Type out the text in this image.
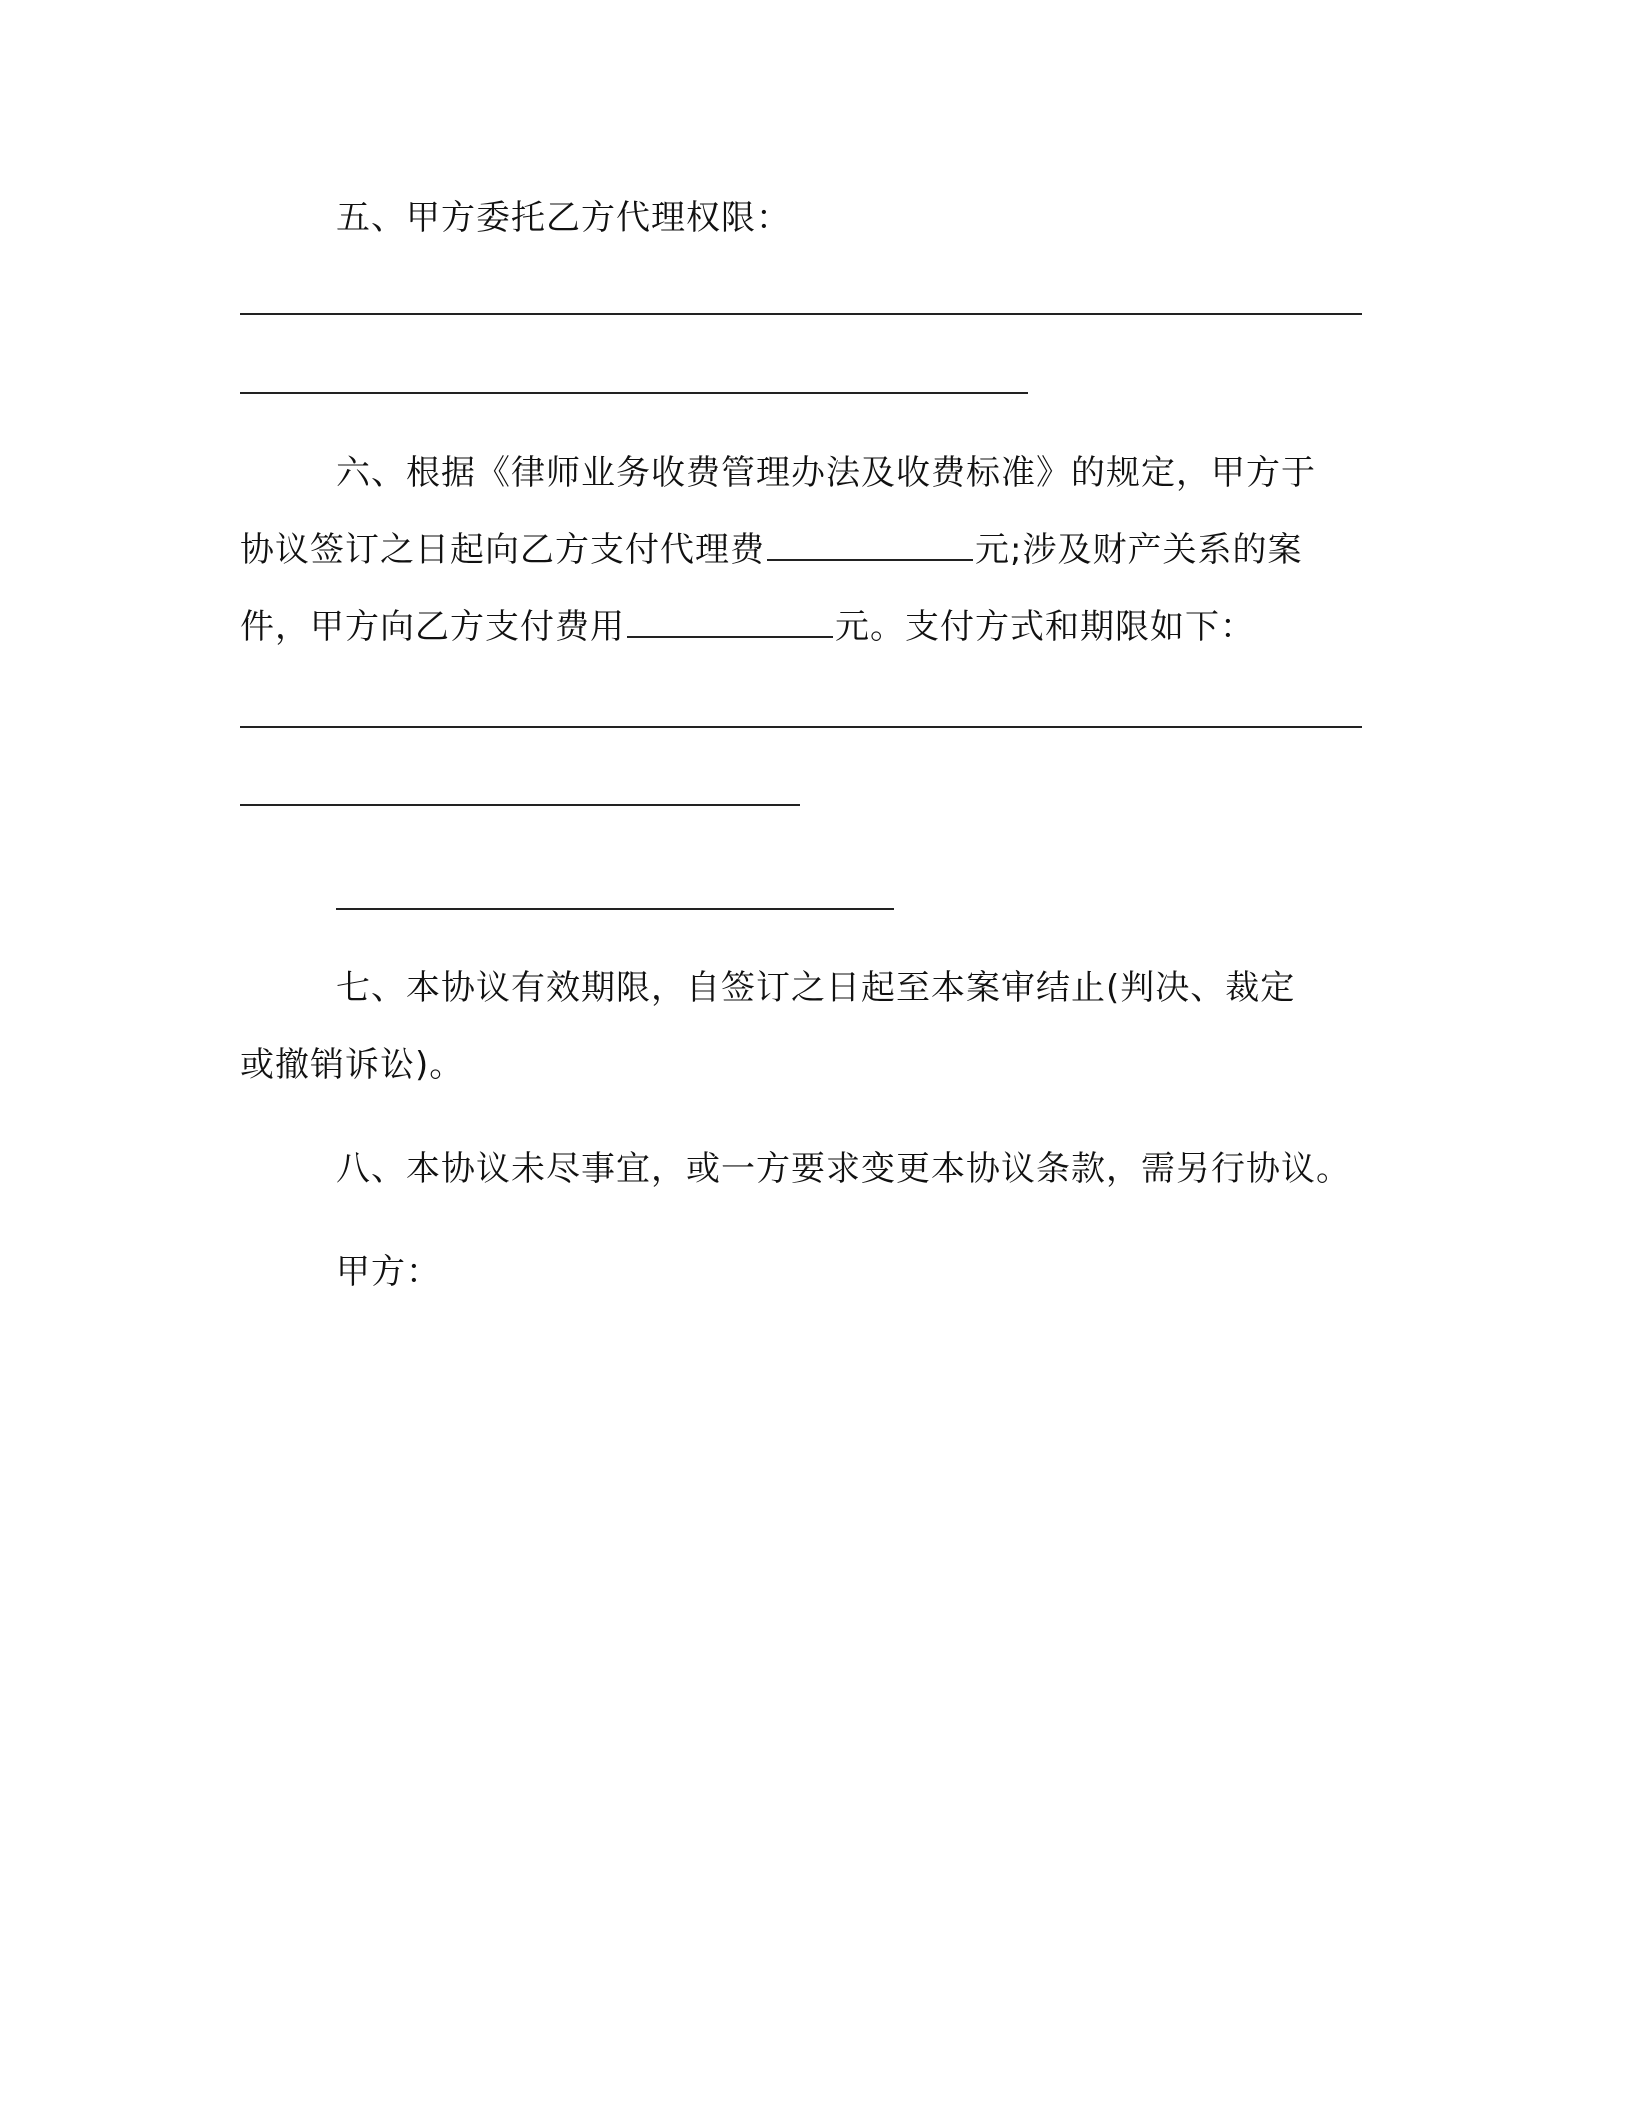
五、甲方委托乙方代理权限：
六、根据《律师业务收费管理办法及收费标准》的规定，甲方于
协议签订之日起向乙方支付代理费	元;涉及财产关系的案
件，甲方向乙方支付费用	元。支付方式和期限如下：
七、本协议有效期限，自签订之日起至本案审结止(判决、裁定
或撤销诉讼)。
八、本协议未尽事宜，或一方要求变更本协议条款，需另行协议。
甲方：
